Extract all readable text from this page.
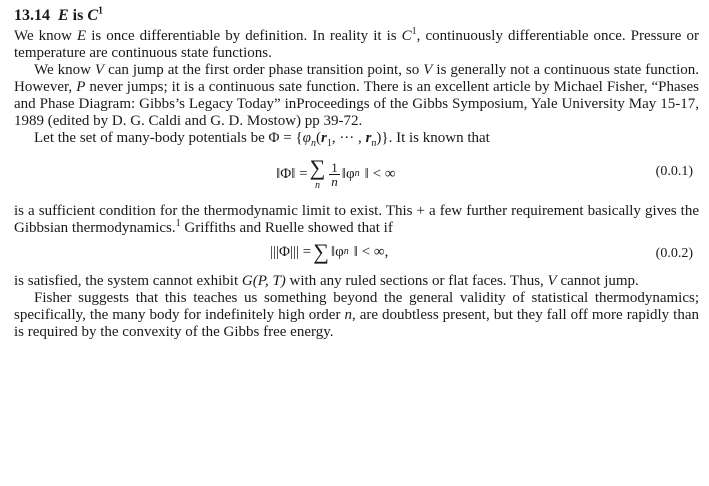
13.14 E is $C^1$

We know E is once differentiable by definition. In reality it is $C^1$, continuously differentiable once. Pressure or temperature are continuous state functions.

We know V can jump at the first order phase transition point, so V is generally not a continuous state function. However, P never jumps; it is a continuous sate function. There is an excellent article by Michael Fisher, “Phases and Phase Diagram: Gibbs’s Legacy Today” inProceedings of the Gibbs Symposium, Yale University May 15-17, 1989 (edited by D. G. Caldi and G. D. Mostow) pp 39-72.

Let the set of many-body potentials be $\Phi = \{\varphi_n(r_1$, ··· , $r_n$)}. It is known that

‖Φ‖ = ∑
n $\frac{1}{n}$ ‖φ n ‖ < ∞	(0.0.1)

is a sufficient condition for the thermodynamic limit to exist. This + a few further requirement basically gives the Gibbsian thermodynamics.$^1$ Griffiths and Ruelle showed that if

|||Φ||| = ∑ ‖φ n ‖ < ∞,	(0.0.2)

is satisfied, the system cannot exhibit G(P, T) with any ruled sections or flat faces. Thus, V cannot jump.

Fisher suggests that this teaches us something beyond the general validity of statistical thermodynamics; specifically, the many body for indefinitely high order n, are doubtless present, but they fall off more rapidly than is required by the convexity of the Gibbs free energy.
